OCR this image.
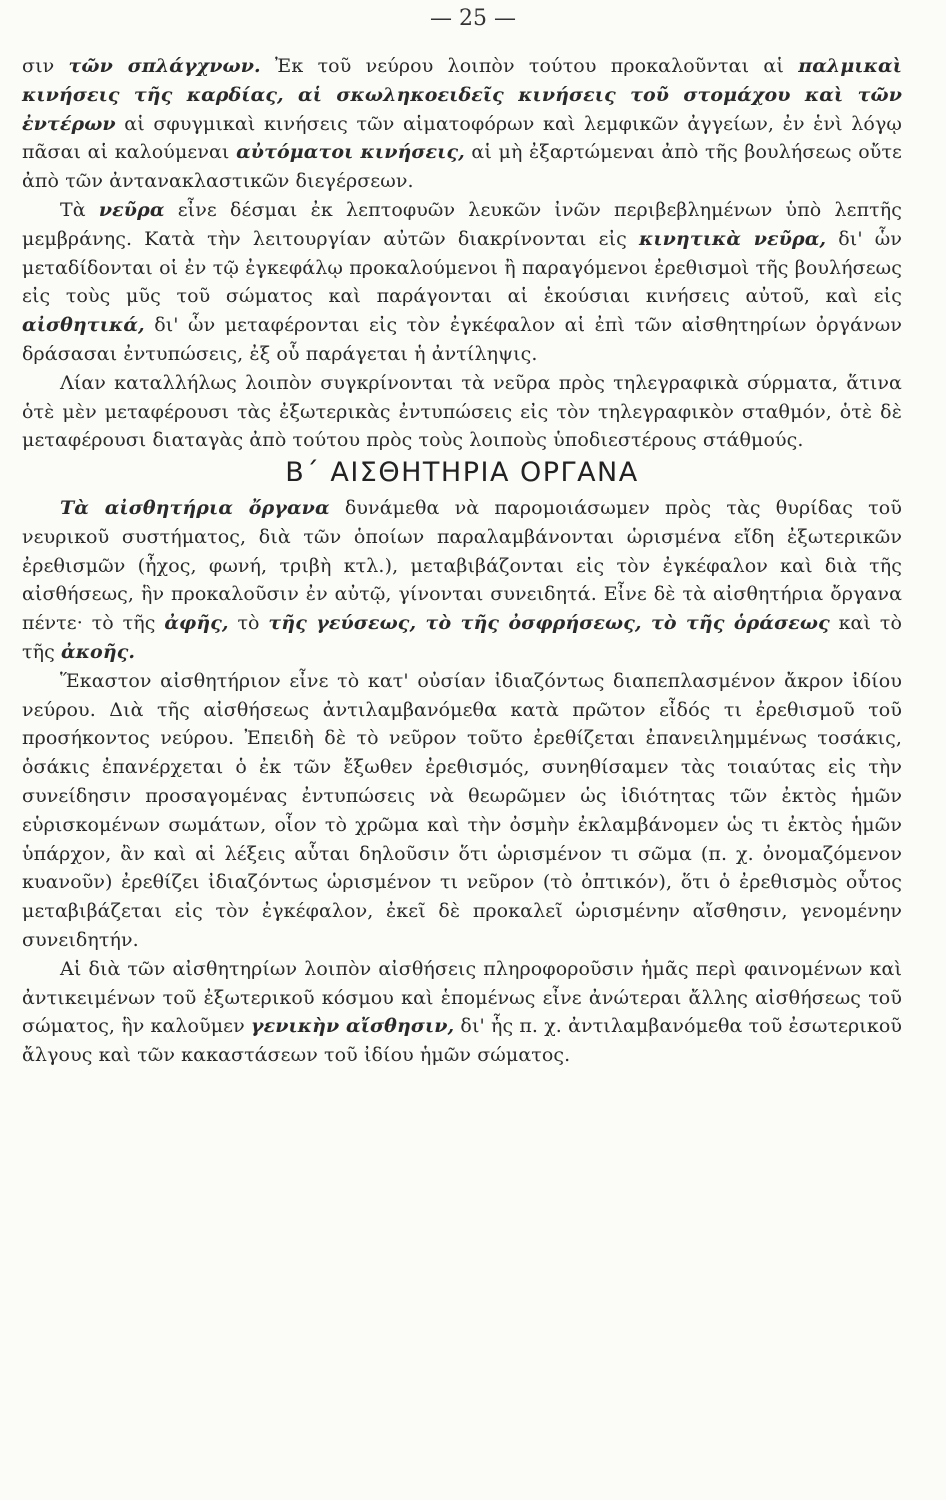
— 25 —

σιν τῶν σπλάγχνων. Ἐκ τοῦ νεύρου λοιπὸν τούτου προκαλοῦνται αἱ παλμικαὶ κινήσεις τῆς καρδίας, αἱ σκωληκοειδεῖς κινήσεις τοῦ στομάχου καὶ τῶν ἐντέρων αἱ σφυγμικαὶ κινήσεις τῶν αἱματοφόρων καὶ λεμφικῶν ἀγγείων, ἐν ἑνὶ λόγῳ πᾶσαι αἱ καλούμεναι αὐτόματοι κινήσεις, αἱ μὴ ἐξαρτώμεναι ἀπὸ τῆς βουλήσεως οὔτε ἀπὸ τῶν ἀντανακλαστικῶν διεγέρσεων.

Τὰ νεῦρα εἶνε δέσμαι ἐκ λεπτοφυῶν λευκῶν ἰνῶν περιβεβλημένων ὑπὸ λεπτῆς μεμβράνης. Κατὰ τὴν λειτουργίαν αὐτῶν διακρίνονται εἰς κινητικὰ νεῦρα, δι' ὧν μεταδίδονται οἱ ἐν τῷ ἐγκεφάλῳ προκαλούμενοι ἢ παραγόμενοι ἐρεθισμοὶ τῆς βουλήσεως εἰς τοὺς μῦς τοῦ σώματος καὶ παράγονται αἱ ἑκούσιαι κινήσεις αὐτοῦ, καὶ εἰς αἰσθητικά, δι' ὧν μεταφέρονται εἰς τὸν ἐγκέφαλον αἱ ἐπὶ τῶν αἰσθητηρίων ὀργάνων δράσασαι ἐντυπώσεις, ἐξ οὗ παράγεται ἡ ἀντίληψις.

Λίαν καταλλήλως λοιπὸν συγκρίνονται τὰ νεῦρα πρὸς τηλεγραφικὰ σύρματα, ἅτινα ὁτὲ μὲν μεταφέρουσι τὰς ἐξωτερικὰς ἐντυπώσεις εἰς τὸν τηλεγραφικὸν σταθμόν, ὁτὲ δὲ μεταφέρουσι διαταγὰς ἀπὸ τούτου πρὸς τοὺς λοιποὺς ὑποδιεστέρους στάθμούς.

Β΄ ΑΙΣΘΗΤΗΡΙΑ ΟΡΓΑΝΑ

Τὰ αἰσθητήρια ὄργανα δυνάμεθα νὰ παρομοιάσωμεν πρὸς τὰς θυρίδας τοῦ νευρικοῦ συστήματος, διὰ τῶν ὁποίων παραλαμβάνονται ὡρισμένα εἴδη ἐξωτερικῶν ἐρεθισμῶν (ἦχος, φωνή, τριβὴ κτλ.), μεταβιβάζονται εἰς τὸν ἐγκέφαλον καὶ διὰ τῆς αἰσθήσεως, ἣν προκαλοῦσιν ἐν αὐτῷ, γίνονται συνειδητά. Εἶνε δὲ τὰ αἰσθητήρια ὄργανα πέντε· τὸ τῆς ἀφῆς, τὸ τῆς γεύσεως, τὸ τῆς ὀσφρήσεως, τὸ τῆς ὁράσεως καὶ τὸ τῆς ἀκοῆς.

Ἕκαστον αἰσθητήριον εἶνε τὸ κατ' οὐσίαν ἰδιαζόντως διαπεπλασμένον ἄκρον ἰδίου νεύρου. Διὰ τῆς αἰσθήσεως ἀντιλαμβανόμεθα κατὰ πρῶτον εἶδός τι ἐρεθισμοῦ τοῦ προσήκοντος νεύρου. Ἐπειδὴ δὲ τὸ νεῦρον τοῦτο ἐρεθίζεται ἐπανειλημμένως τοσάκις, ὁσάκις ἐπανέρχεται ὁ ἐκ τῶν ἔξωθεν ἐρεθισμός, συνηθίσαμεν τὰς τοιαύτας εἰς τὴν συνείδησιν προσαγομένας ἐντυπώσεις νὰ θεωρῶμεν ὡς ἰδιότητας τῶν ἐκτὸς ἡμῶν εὑρισκομένων σωμάτων, οἷον τὸ χρῶμα καὶ τὴν ὀσμὴν ἐκλαμβάνομεν ὡς τι ἐκτὸς ἡμῶν ὑπάρχον, ἂν καὶ αἱ λέξεις αὗται δηλοῦσιν ὅτι ὡρισμένον τι σῶμα (π. χ. ὀνομαζόμενον κυανοῦν) ἐρεθίζει ἰδιαζόντως ὡρισμένον τι νεῦρον (τὸ ὀπτικόν), ὅτι ὁ ἐρεθισμὸς οὗτος μεταβιβάζεται εἰς τὸν ἐγκέφαλον, ἐκεῖ δὲ προκαλεῖ ὡρισμένην αἴσθησιν, γενομένην συνειδητήν.

Αἱ διὰ τῶν αἰσθητηρίων λοιπὸν αἰσθήσεις πληροφοροῦσιν ἡμᾶς περὶ φαινομένων καὶ ἀντικειμένων τοῦ ἐξωτερικοῦ κόσμου καὶ ἑπομένως εἶνε ἀνώτεραι ἄλλης αἰσθήσεως τοῦ σώματος, ἣν καλοῦμεν γενικὴν αἴσθησιν, δι' ἧς π. χ. ἀντιλαμβανόμεθα τοῦ ἐσωτερικοῦ ἄλγους καὶ τῶν κακαστάσεων τοῦ ἰδίου ἡμῶν σώματος.
